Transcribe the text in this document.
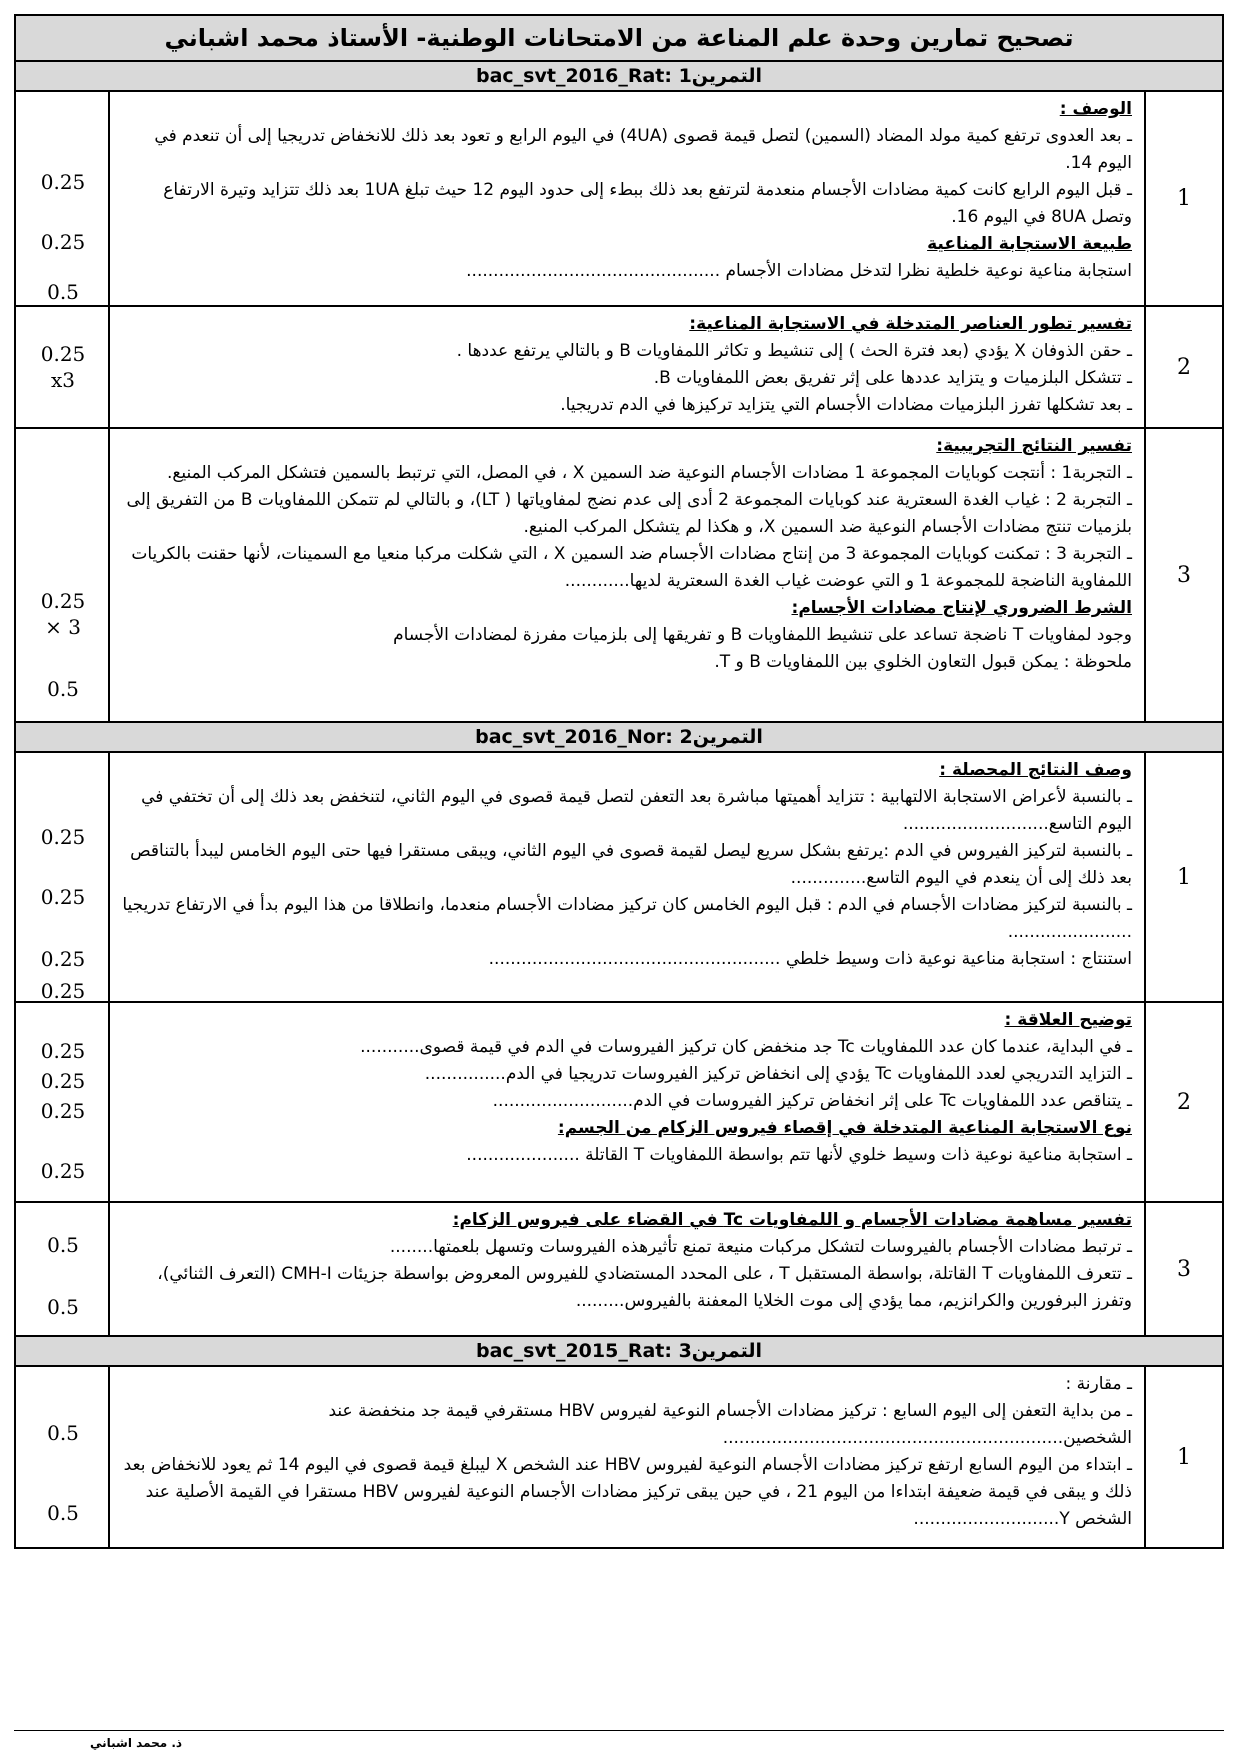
تصحيح تمارين وحدة علم المناعة من الامتحانات الوطنية- الأستاذ محمد اشباني
bac_svt_2016_Rat: 1 التمرين
0.25
0.25
0.5
الوصف :
ـ بعد العدوى ترتفع كمية مولد المضاد (السمين) لتصل قيمة قصوى (4UA) في اليوم الرابع و تعود بعد ذلك للانخفاض تدريجيا إلى أن تنعدم في اليوم 14.
ـ قبل اليوم الرابع كانت كمية مضادات الأجسام منعدمة لترتفع بعد ذلك ببطء إلى حدود اليوم 12 حيث تبلغ 1UA بعد ذلك تتزايد وتيرة الارتفاع وتصل 8UA في اليوم 16.
طبيعة الاستجابة المناعية
استجابة مناعية نوعية خلطية نظرا لتدخل مضادات الأجسام ...............................................
1
0.25
x3
تفسير تطور العناصر المتدخلة في الاستجابة المناعية:
ـ حقن الذوفان X يؤدي (بعد فترة الحث ) إلى تنشيط و تكاثر اللمفاويات B و بالتالي يرتفع عددها .
ـ تتشكل البلزميات و يتزايد عددها على إثر تفريق بعض اللمفاويات B.
ـ بعد تشكلها تفرز البلزميات مضادات الأجسام التي يتزايد تركيزها في الدم تدريجيا.
2
0.25
× 3
0.5
تفسير النتائج التجريبية:
ـ التجربة1 : أنتجت كوبايات المجموعة 1 مضادات الأجسام النوعية ضد السمين X ، في المصل، التي ترتبط بالسمين فتشكل المركب المنيع.
ـ التجربة 2 : غياب الغدة السعترية عند كوبايات المجموعة 2 أدى إلى عدم نضج لمفاوياتها ( LT)، و بالتالي لم تتمكن اللمفاويات B من التفريق إلى بلزميات تنتج مضادات الأجسام النوعية ضد السمين X، و هكذا لم يتشكل المركب المنيع.
ـ التجربة 3 : تمكنت كوبايات المجموعة 3 من إنتاج مضادات الأجسام ضد السمين X ، التي شكلت مركبا منعيا مع السمينات، لأنها حقنت بالكريات اللمفاوية الناضجة للمجموعة 1 و التي عوضت غياب الغدة السعترية لديها............
الشرط الضروري لإنتاج مضادات الأجسام:
وجود لمفاويات T ناضجة تساعد على تنشيط اللمفاويات B و تفريقها إلى بلزميات مفرزة لمضادات الأجسام
ملحوظة : يمكن قبول التعاون الخلوي بين اللمفاويات B و T.
3
bac_svt_2016_Nor: 2 التمرين
0.25
0.25
0.25
0.25
وصف النتائج المحصلة :
ـ بالنسبة لأعراض الاستجابة الالتهابية : تتزايد أهميتها مباشرة بعد التعفن لتصل قيمة قصوى في اليوم الثاني، لتنخفض بعد ذلك إلى أن تختفي في اليوم التاسع...........................
ـ بالنسبة لتركيز الفيروس في الدم :يرتفع بشكل سريع ليصل لقيمة قصوى في اليوم الثاني، ويبقى مستقرا فيها حتى اليوم الخامس ليبدأ بالتناقص بعد ذلك إلى أن ينعدم في اليوم التاسع..............
ـ بالنسبة لتركيز مضادات الأجسام في الدم : قبل اليوم الخامس كان تركيز مضادات الأجسام منعدما، وانطلاقا من هذا اليوم بدأ في الارتفاع تدريجيا .......................
استنتاج : استجابة مناعية نوعية ذات وسيط خلطي ......................................................
1
0.25
0.25
0.25
0.25
توضيح العلاقة :
ـ في البداية، عندما كان عدد اللمفاويات Tc جد منخفض كان تركيز الفيروسات في الدم في قيمة قصوى...........
ـ التزايد التدريجي لعدد اللمفاويات Tc يؤدي إلى انخفاض تركيز الفيروسات تدريجيا في الدم...............
ـ يتناقص عدد اللمفاويات Tc على إثر انخفاض تركيز الفيروسات في الدم..........................
نوع الاستجابة المناعية المتدخلة في إقصاء فيروس الزكام من الجسم:
ـ استجابة مناعية نوعية ذات وسيط خلوي لأنها تتم بواسطة اللمفاويات T القاتلة .....................
2
0.5
0.5
تفسير مساهمة مضادات الأجسام و اللمفاويات Tc في القضاء على فيروس الزكام:
ـ ترتبط مضادات الأجسام بالفيروسات لتشكل مركبات منيعة تمنع تأثيرهذه الفيروسات وتسهل بلعمتها........
ـ تتعرف اللمفاويات T القاتلة، بواسطة المستقبل T ، على المحدد المستضادي للفيروس المعروض بواسطة جزيئات CMH-I (التعرف الثنائي)، وتفرز البرفورين والكرانزيم، مما يؤدي إلى موت الخلايا المعفنة بالفيروس.........
3
bac_svt_2015_Rat: 3 التمرين
0.5
0.5
ـ مقارنة :
ـ من بداية التعفن إلى اليوم السابع : تركيز مضادات الأجسام النوعية لفيروس HBV مستقرفي قيمة جد منخفضة عند الشخصين...............................................................
ـ ابتداء من اليوم السابع ارتفع تركيز مضادات الأجسام النوعية لفيروس HBV عند الشخص X ليبلغ قيمة قصوى في اليوم 14 ثم يعود للانخفاض بعد ذلك و يبقى في قيمة ضعيفة ابتداءا من اليوم 21 ، في حين يبقى تركيز مضادات الأجسام النوعية لفيروس HBV مستقرا في القيمة الأصلية عند الشخص Y...........................
1
ذ. محمد اشباني
